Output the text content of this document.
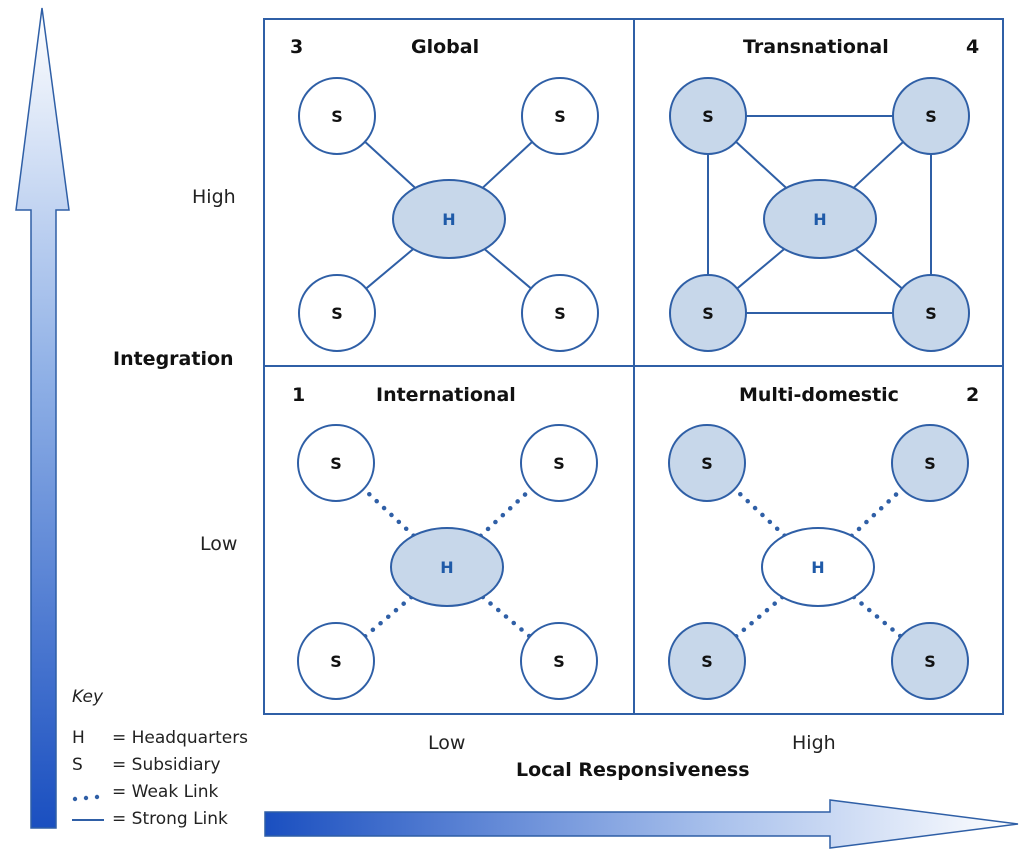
S	S
S	S
H
S	S
S	S
H
S	S
S	S
H
S	S
S	S
H
High
Integration
Low
Low	High
Local Responsiveness
3	Global	Transnational	4
1	International	Multi-domestic	2
Key
H = Headquarters
S = Subsidiary
= Weak Link
= Strong Link
